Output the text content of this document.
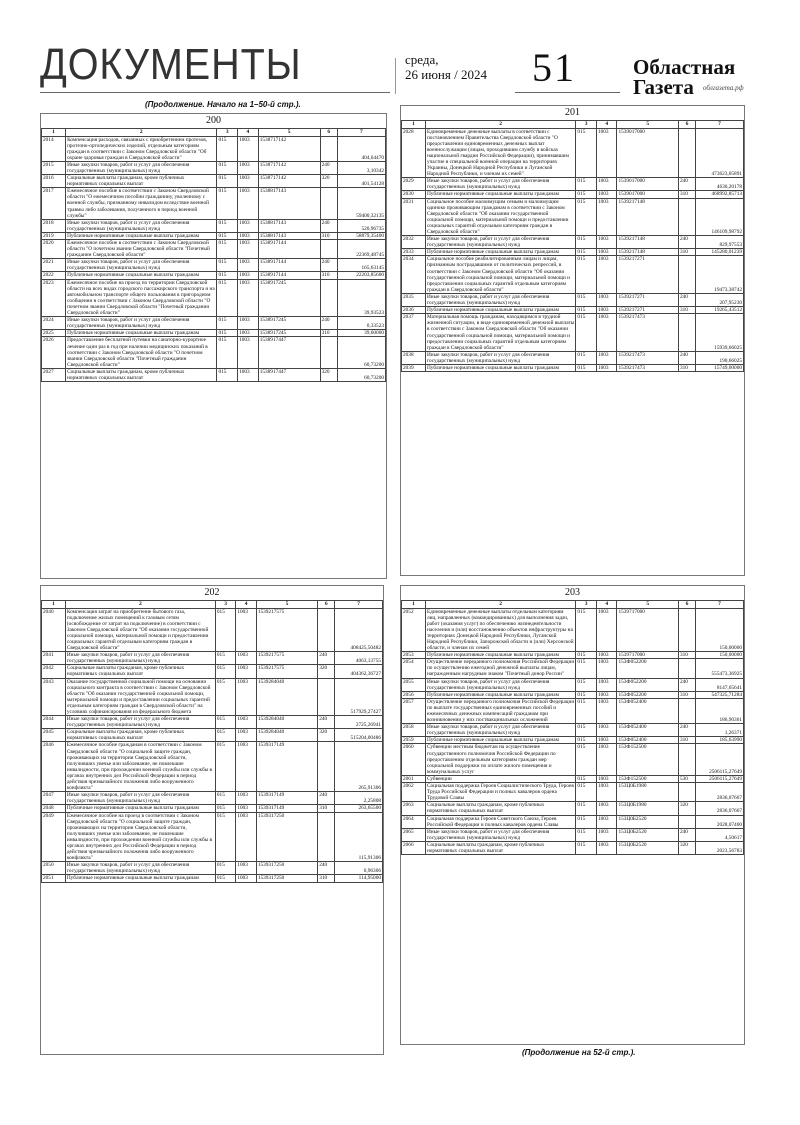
ДОКУМЕНТЫ	среда,
26 июня / 2024 51	Областная
Газета облгазета.рф
(Продолжение. Начало на 1–50-й стр.).
(Продолжение на 52-й стр.).
200
1	2	3	4	5	6	7
2014	Компенсация расходов, связанных с приобретением протезов, протезно-ортопедических изделий, отдельным категориям граждан в соответствии с Законом Свердловской области "Об охране здоровья граждан в Свердловской области"	015	1003	1538717142		404,64470
2015	Иные закупки товаров, работ и услуг для обеспечения государственных (муниципальных) нужд	015	1003	1538717142	240	3,10342
2016	Социальные выплаты гражданам, кроме публичных нормативных социальных выплат	015	1003	1538717142	320	401,54128
2017	Ежемесячное пособие в соответствии с Законом Свердловской области "О ежемесячном пособии гражданину, уволенному с военной службы, признанному инвалидом вследствие военной травмы либо заболевания, полученного в период военной службы"	015	1003	1538817143		59400,32135
2018	Иные закупки товаров, работ и услуг для обеспечения государственных (муниципальных) нужд	015	1003	1538817143	240	520,96735
2019	Публичные нормативные социальные выплаты гражданам	015	1003	1538817143	310	58879,35400
2020	Ежемесячное пособие в соответствии с Законом Свердловской области "О почетном звании Свердловской области "Почетный гражданин Свердловской области"	015	1003	1538917144		22369,48745
2021	Иные закупки товаров, работ и услуг для обеспечения государственных (муниципальных) нужд	015	1003	1538917144	240	165,63145
2022	Публичные нормативные социальные выплаты гражданам	015	1003	1538917144	310	22203,85600
2023	Ежемесячное пособие на проезд по территории Свердловской области на всех видах городского пассажирского транспорта и на автомобильном транспорте общего пользования в пригородном сообщении в соответствии с Законом Свердловской области "О почетном звании Свердловской области "Почетный гражданин Свердловской области"	015	1003	1538917245		39,93523
2024	Иные закупки товаров, работ и услуг для обеспечения государственных (муниципальных) нужд	015	1003	1538917245	240	0,33523
2025	Публичные нормативные социальные выплаты гражданам	015	1003	1538917245	310	39,60000
2026	Предоставление бесплатной путевки на санаторно-курортное лечение один раз в год при наличии медицинских показаний в соответствии с Законом Свердловской области "О почетном звании Свердловской области "Почетный гражданин Свердловской области"	015	1003	1538917447		60,73200
2027	Социальные выплаты гражданам, кроме публичных нормативных социальных выплат	015	1003	1538917447	320	60,73200
201
1	2	3	4	5	6	7
2028	Единовременные денежные выплаты в соответствии с постановлением Правительства Свердловской области "О предоставлении единовременных денежных выплат военнослужащим (лицам, проходившим службу в войсках национальной гвардии Российской Федерации), принимавшим участие в специальной военной операции на территориях Украины, Донецкой Народной Республики и Луганской Народной Республики, и членам их семей"	015	1003	1539017000		473623,05891
2029	Иные закупки товаров, работ и услуг для обеспечения государственных (муниципальных) нужд	015	1003	1539017000	240	4630,20178
2030	Публичные нормативные социальные выплаты гражданам	015	1003	1539017000	310	468992,85713
2031	Социальное пособие малоимущим семьям и малоимущим одиноко проживающим гражданам в соответствии с Законом Свердловской области "Об оказании государственной социальной помощи, материальной помощи и предоставлении социальных гарантий отдельным категориям граждан в Свердловской области"	015	1003	1539217148		146109,98792
2032	Иные закупки товаров, работ и услуг для обеспечения государственных (муниципальных) нужд	015	1003	1539217148	240	829,97553
2033	Публичные нормативные социальные выплаты гражданам	015	1003	1539217148	310	145280,01239
2034	Социальное пособие реабилитированным лицам и лицам, признанным пострадавшими от политических репрессий, в соответствии с Законом Свердловской области "Об оказании государственной социальной помощи, материальной помощи и предоставлении социальных гарантий отдельным категориям граждан в Свердловской области"	015	1003	1539217271		19473,38742
2035	Иные закупки товаров, работ и услуг для обеспечения государственных (муниципальных) нужд	015	1003	1539217271	240	207,95230
2036	Публичные нормативные социальные выплаты гражданам	015	1003	1539217271	310	19265,43512
2037	Материальная помощь гражданам, находящимся в трудной жизненной ситуации, в виде единовременной денежной выплаты в соответствии с Законом Свердловской области "Об оказании государственной социальной помощи, материальной помощи и предоставлении социальных гарантий отдельным категориям граждан в Свердловской области"	015	1003	1539217473		15939,66025
2038	Иные закупки товаров, работ и услуг для обеспечения государственных (муниципальных) нужд	015	1003	1539217473	240	190,66025
2039	Публичные нормативные социальные выплаты гражданам	015	1003	1539217473	310	15749,00000
202
1	2	3	4	5	6	7
2040	Компенсация затрат на приобретение бытового газа, подключение жилых помещений к газовым сетям (освобождение от затрат на подключение) в соответствии с Законом Свердловской области "Об оказании государственной социальной помощи, материальной помощи и предоставлении социальных гарантий отдельным категориям граждан в Свердловской области"	015	1003	1539217575		408425,50482
2041	Иные закупки товаров, работ и услуг для обеспечения государственных (муниципальных) нужд	015	1003	1539217575	240	4063,13755
2042	Социальные выплаты гражданам, кроме публичных нормативных социальных выплат	015	1003	1539217575	320	404362,36727
2043	Оказание государственной социальной помощи на основании социального контракта в соответствии с Законом Свердловской области "Об оказании государственной социальной помощи, материальной помощи и предоставлении социальных гарантий отдельным категориям граждан в Свердловской области" на условиях софинансирования из федерального бюджета	015	1003	1539284040		517929,27427
2044	Иные закупки товаров, работ и услуг для обеспечения государственных (муниципальных) нужд	015	1003	1539284040	240	2725,26941
2045	Социальные выплаты гражданам, кроме публичных нормативных социальных выплат	015	1003	1539284040	320	515204,00486
2046	Ежемесячное пособие гражданам в соответствии с Законом Свердловской области "О социальной защите граждан, проживающих на территории Свердловской области, получивших увечье или заболевание, не повлекшие инвалидности, при прохождении военной службы или службы в органах внутренних дел Российской Федерации в период действия чрезвычайного положения либо вооруженного конфликта"	015	1003	1539317149		265,91306
2047	Иные закупки товаров, работ и услуг для обеспечения государственных (муниципальных) нужд	015	1003	1539317149	240	2,25808
2048	Публичные нормативные социальные выплаты гражданам	015	1003	1539317149	310	263,65500
2049	Ежемесячное пособие на проезд в соответствии с Законом Свердловской области "О социальной защите граждан, проживающих на территории Свердловской области, получивших увечье или заболевание, не повлекшие инвалидности, при прохождении военной службы или службы в органах внутренних дел Российской Федерации в период действия чрезвычайного положения либо вооруженного конфликта"	015	1003	1539317250		115,91306
2050	Иные закупки товаров, работ и услуг для обеспечения государственных (муниципальных) нужд	015	1003	1539317250	240	0,96306
2051	Публичные нормативные социальные выплаты гражданам	015	1003	1539317250	310	114,95000
203
1	2	3	4	5	6	7
2052	Единовременные денежные выплаты отдельным категориям лиц, направленных (командированных) для выполнения задач, работ (оказания услуг) по обеспечению жизнедеятельности населения и (или) восстановлению объектов инфраструктуры на территориях Донецкой Народной Республики, Луганской Народной Республики, Запорожской области и (или) Херсонской области, и членам их семей	015	1003	1539717000		150,00000
2053	Публичные нормативные социальные выплаты гражданам	015	1003	1539717000	310	150,00000
2054	Осуществление переданного полномочия Российской Федерации по осуществлению ежегодной денежной выплаты лицам, награжденным нагрудным знаком "Почетный донор России"	015	1003	153Ф052200		555473,36925
2055	Иные закупки товаров, работ и услуг для обеспечения государственных (муниципальных) нужд	015	1003	153Ф052200	240	8147,65641
2056	Публичные нормативные социальные выплаты гражданам	015	1003	153Ф052200	310	547325,71284
2057	Осуществление переданного полномочия Российской Федерации по выплате государственных единовременных пособий и ежемесячных денежных компенсаций гражданам при возникновении у них поствакцинальных осложнений	015	1003	153Ф052400		186,90361
2058	Иные закупки товаров, работ и услуг для обеспечения государственных (муниципальных) нужд	015	1003	153Ф052400	240	1,26371
2059	Публичные нормативные социальные выплаты гражданам	015	1003	153Ф052400	310	185,63990
2060	Субвенции местным бюджетам на осуществление государственного полномочия Российской Федерации по предоставлению отдельным категориям граждан мер социальной поддержки по оплате жилого помещения и коммунальных услуг	015	1003	153Ф152500		2506115,27649
2061	Субвенции	015	1003	153Ф152500	530	2506115,27649
2062	Социальная поддержка Героев Социалистического Труда, Героев Труда Российской Федерации и полных кавалеров ордена Трудовой Славы	015	1003	153Ц0Б1980		2836,07667
2063	Социальные выплаты гражданам, кроме публичных нормативных социальных выплат	015	1003	153Ц0Б1980	320	2836,07667
2064	Социальная поддержка Героев Советского Союза, Героев Российской Федерации и полных кавалеров ордена Славы	015	1003	153Ц0Б2520		2028,07400
2065	Иные закупки товаров, работ и услуг для обеспечения государственных (муниципальных) нужд	015	1003	153Ц0Б2520	240	4,50617
2066	Социальные выплаты гражданам, кроме публичных нормативных социальных выплат	015	1003	153Ц0Б2520	320	2023,56783
